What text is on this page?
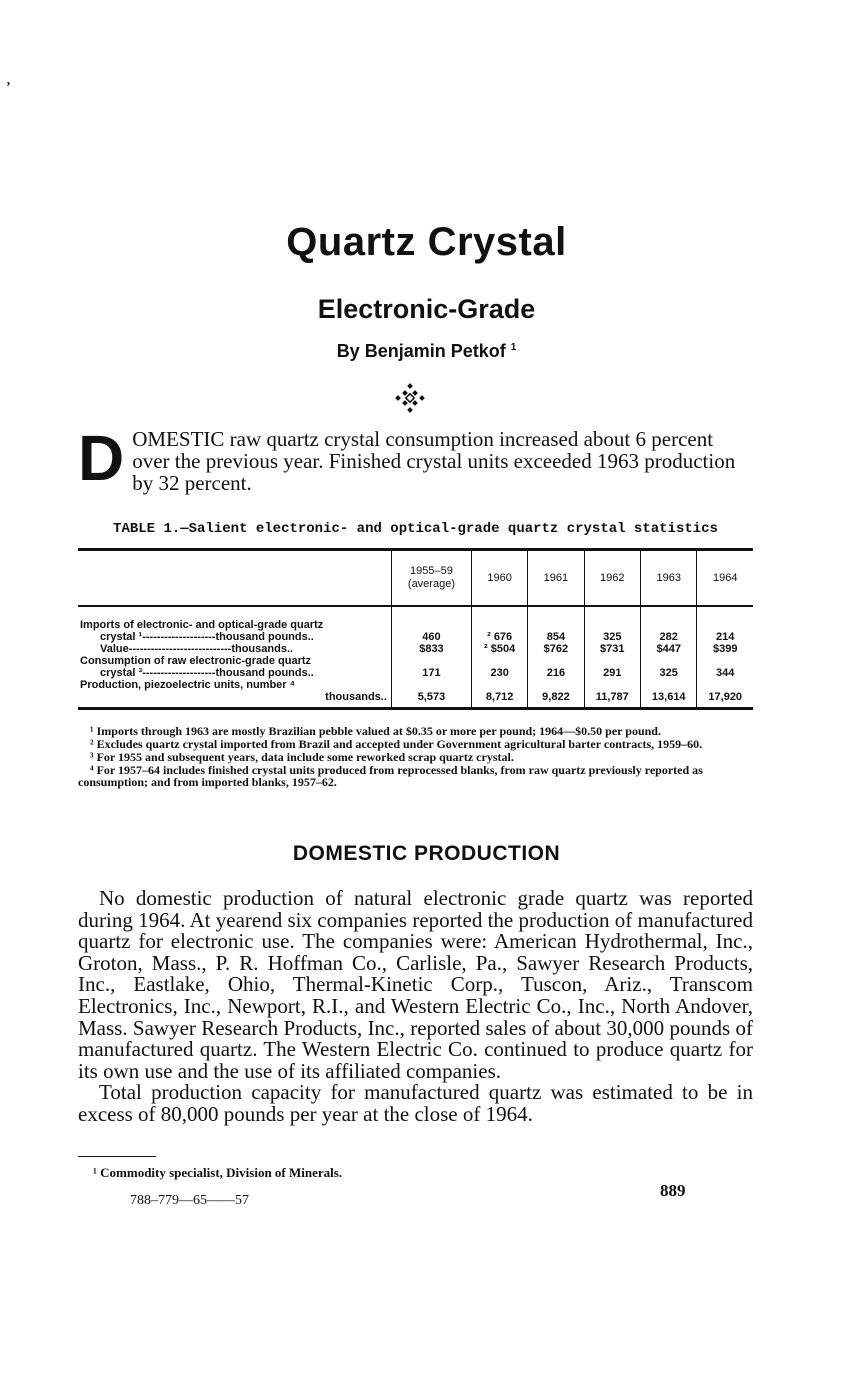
ʼ
Quartz Crystal
Electronic-Grade
By Benjamin Petkof $^1$
D OMESTIC raw quartz crystal consumption increased about 6 percent over the previous year. Finished crystal units exceeded 1963 production by 32 percent.
TABLE 1.—Salient electronic- and optical-grade quartz crystal statistics
	1955–59 (average)	1960	1961	1962	1963	1964

Imports of electronic- and optical-grade quartz
crystal ¹--------------------thousand pounds..	460	² 676	854	325	282	214
Value----------------------------thousands..	$833	² $504	$762	$731	$447	$399
Consumption of raw electronic-grade quartz
crystal ³--------------------thousand pounds..	171	230	216	291	325	344
Production, piezoelectric units, number ⁴

thousands..	5,573	8,712	9,822	11,787	13,614	17,920

¹ Imports through 1963 are mostly Brazilian pebble valued at $0.35 or more per pound; 1964—$0.50 per pound.

² Excludes quartz crystal imported from Brazil and accepted under Government agricultural barter contracts, 1959–60.

³ For 1955 and subsequent years, data include some reworked scrap quartz crystal.

⁴ For 1957–64 includes finished crystal units produced from reprocessed blanks, from raw quartz previously reported as consumption; and from imported blanks, 1957–62.

DOMESTIC PRODUCTION

No domestic production of natural electronic grade quartz was reported during 1964. At yearend six companies reported the production of manufactured quartz for electronic use. The companies were: American Hydrothermal, Inc., Groton, Mass., P. R. Hoffman Co., Carlisle, Pa., Sawyer Research Products, Inc., Eastlake, Ohio, Thermal-Kinetic Corp., Tuscon, Ariz., Transcom Electronics, Inc., Newport, R.I., and Western Electric Co., Inc., North Andover, Mass. Sawyer Research Products, Inc., reported sales of about 30,000 pounds of manufactured quartz. The Western Electric Co. continued to produce quartz for its own use and the use of its affiliated companies.

Total production capacity for manufactured quartz was estimated to be in excess of 80,000 pounds per year at the close of 1964.

¹ Commodity specialist, Division of Minerals.
889
788–779—65——57
